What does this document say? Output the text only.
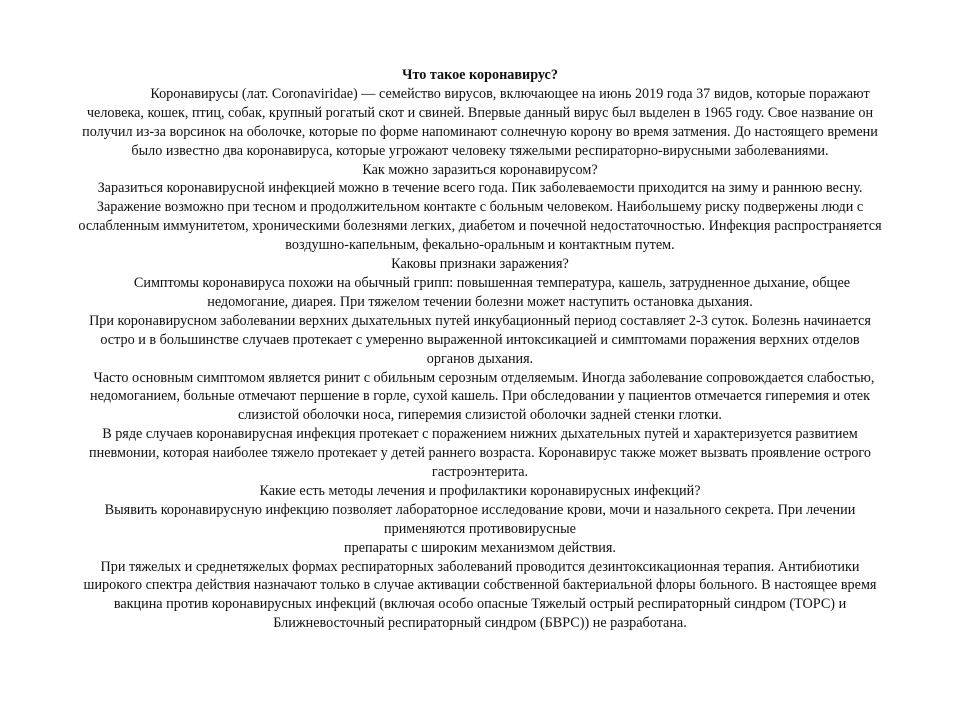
Что такое коронавирус?
Коронавирусы (лат. Coronaviridae) — семейство вирусов, включающее на июнь 2019 года 37 видов, которые поражают
человека, кошек, птиц, собак, крупный рогатый скот и свиней. Впервые данный вирус был выделен в 1965 году. Свое название он
получил из-за ворсинок на оболочке, которые по форме напоминают солнечную корону во время затмения. До настоящего времени
было известно два коронавируса, которые угрожают человеку тяжелыми респираторно-вирусными заболеваниями.
Как можно заразиться коронавирусом?
Заразиться коронавирусной инфекцией можно в течение всего года. Пик заболеваемости приходится на зиму и раннюю весну.
Заражение возможно при тесном и продолжительном контакте с больным человеком. Наибольшему риску подвержены люди с
ослабленным иммунитетом, хроническими болезнями легких, диабетом и почечной недостаточностью. Инфекция распространяется
воздушно-капельным, фекально-оральным и контактным путем.
Каковы признаки заражения?
Симптомы коронавируса похожи на обычный грипп: повышенная температура, кашель, затрудненное дыхание, общее
недомогание, диарея. При тяжелом течении болезни может наступить остановка дыхания.
При коронавирусном заболевании верхних дыхательных путей инкубационный период составляет 2-3 суток. Болезнь начинается
остро и в большинстве случаев протекает с умеренно выраженной интоксикацией и симптомами поражения верхних отделов
органов дыхания.
Часто основным симптомом является ринит с обильным серозным отделяемым. Иногда заболевание сопровождается слабостью,
недомоганием, больные отмечают першение в горле, сухой кашель. При обследовании у пациентов отмечается гиперемия и отек
слизистой оболочки носа, гиперемия слизистой оболочки задней стенки глотки.
В ряде случаев коронавирусная инфекция протекает с поражением нижних дыхательных путей и характеризуется развитием
пневмонии, которая наиболее тяжело протекает у детей раннего возраста. Коронавирус также может вызвать проявление острого
гастроэнтерита.
Какие есть методы лечения и профилактики коронавирусных инфекций?
Выявить коронавирусную инфекцию позволяет лабораторное исследование крови, мочи и назального секрета. При лечении
применяются противовирусные
препараты с широким механизмом действия.
При тяжелых и среднетяжелых формах респираторных заболеваний проводится дезинтоксикационная терапия. Антибиотики
широкого спектра действия назначают только в случае активации собственной бактериальной флоры больного. В настоящее время
вакцина против коронавирусных инфекций (включая особо опасные Тяжелый острый респираторный синдром (ТОРС) и
Ближневосточный респираторный синдром (БВРС)) не разработана.
